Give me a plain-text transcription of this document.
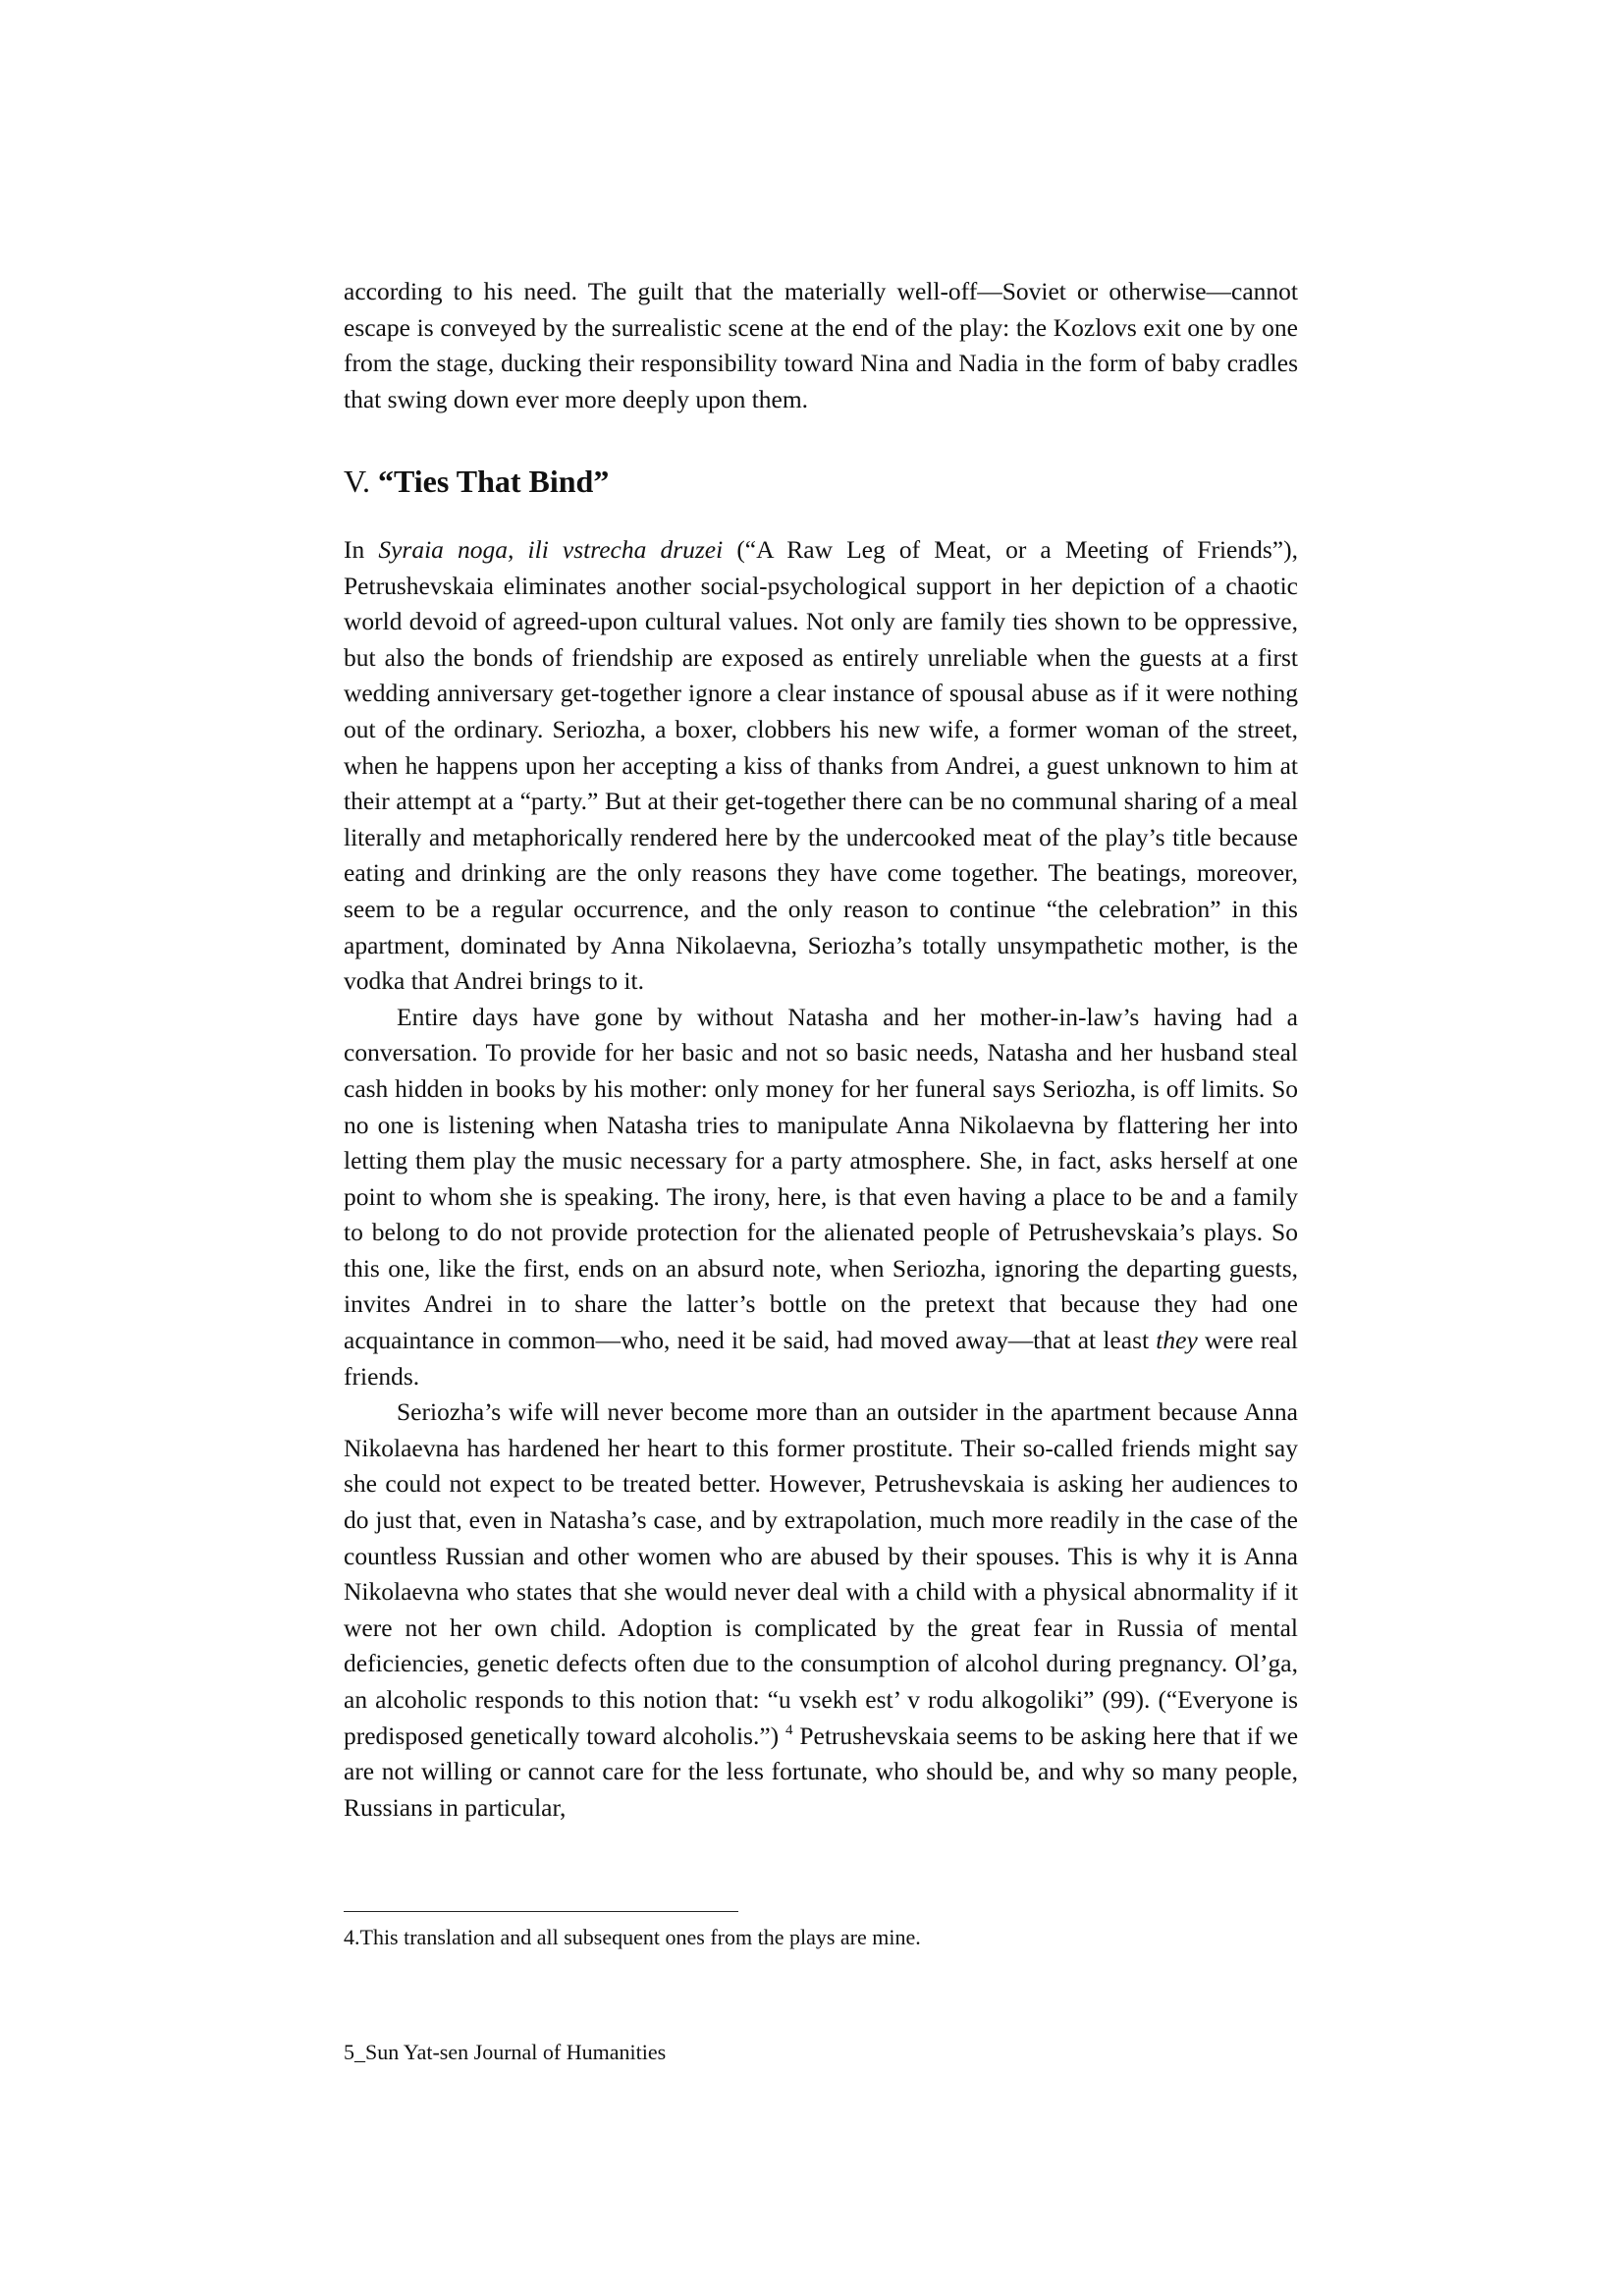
according to his need. The guilt that the materially well-off—Soviet or otherwise—cannot escape is conveyed by the surrealistic scene at the end of the play: the Kozlovs exit one by one from the stage, ducking their responsibility toward Nina and Nadia in the form of baby cradles that swing down ever more deeply upon them.

V. “Ties That Bind”

In Syraia noga, ili vstrecha druzei (“A Raw Leg of Meat, or a Meeting of Friends”), Petrushevskaia eliminates another social-psychological support in her depiction of a chaotic world devoid of agreed-upon cultural values. Not only are family ties shown to be oppressive, but also the bonds of friendship are exposed as entirely unreliable when the guests at a first wedding anniversary get-together ignore a clear instance of spousal abuse as if it were nothing out of the ordinary. Seriozha, a boxer, clobbers his new wife, a former woman of the street, when he happens upon her accepting a kiss of thanks from Andrei, a guest unknown to him at their attempt at a “party.” But at their get-together there can be no communal sharing of a meal literally and metaphorically rendered here by the undercooked meat of the play’s title because eating and drinking are the only reasons they have come together. The beatings, moreover, seem to be a regular occurrence, and the only reason to continue “the celebration” in this apartment, dominated by Anna Nikolaevna, Seriozha’s totally unsympathetic mother, is the vodka that Andrei brings to it.

Entire days have gone by without Natasha and her mother-in-law’s having had a conversation. To provide for her basic and not so basic needs, Natasha and her husband steal cash hidden in books by his mother: only money for her funeral says Seriozha, is off limits. So no one is listening when Natasha tries to manipulate Anna Nikolaevna by flattering her into letting them play the music necessary for a party atmosphere. She, in fact, asks herself at one point to whom she is speaking. The irony, here, is that even having a place to be and a family to belong to do not provide protection for the alienated people of Petrushevskaia’s plays. So this one, like the first, ends on an absurd note, when Seriozha, ignoring the departing guests, invites Andrei in to share the latter’s bottle on the pretext that because they had one acquaintance in common—who, need it be said, had moved away—that at least they were real friends.

Seriozha’s wife will never become more than an outsider in the apartment because Anna Nikolaevna has hardened her heart to this former prostitute. Their so-called friends might say she could not expect to be treated better. However, Petrushevskaia is asking her audiences to do just that, even in Natasha’s case, and by extrapolation, much more readily in the case of the countless Russian and other women who are abused by their spouses. This is why it is Anna Nikolaevna who states that she would never deal with a child with a physical abnormality if it were not her own child. Adoption is complicated by the great fear in Russia of mental deficiencies, genetic defects often due to the consumption of alcohol during pregnancy. Ol’ga, an alcoholic responds to this notion that: “u vsekh est’ v rodu alkogoliki” (99). (“Everyone is predisposed genetically toward alcoholis.”) $^4$ Petrushevskaia seems to be asking here that if we are not willing or cannot care for the less fortunate, who should be, and why so many people, Russians in particular,

4.This translation and all subsequent ones from the plays are mine.

5_Sun Yat-sen Journal of Humanities
